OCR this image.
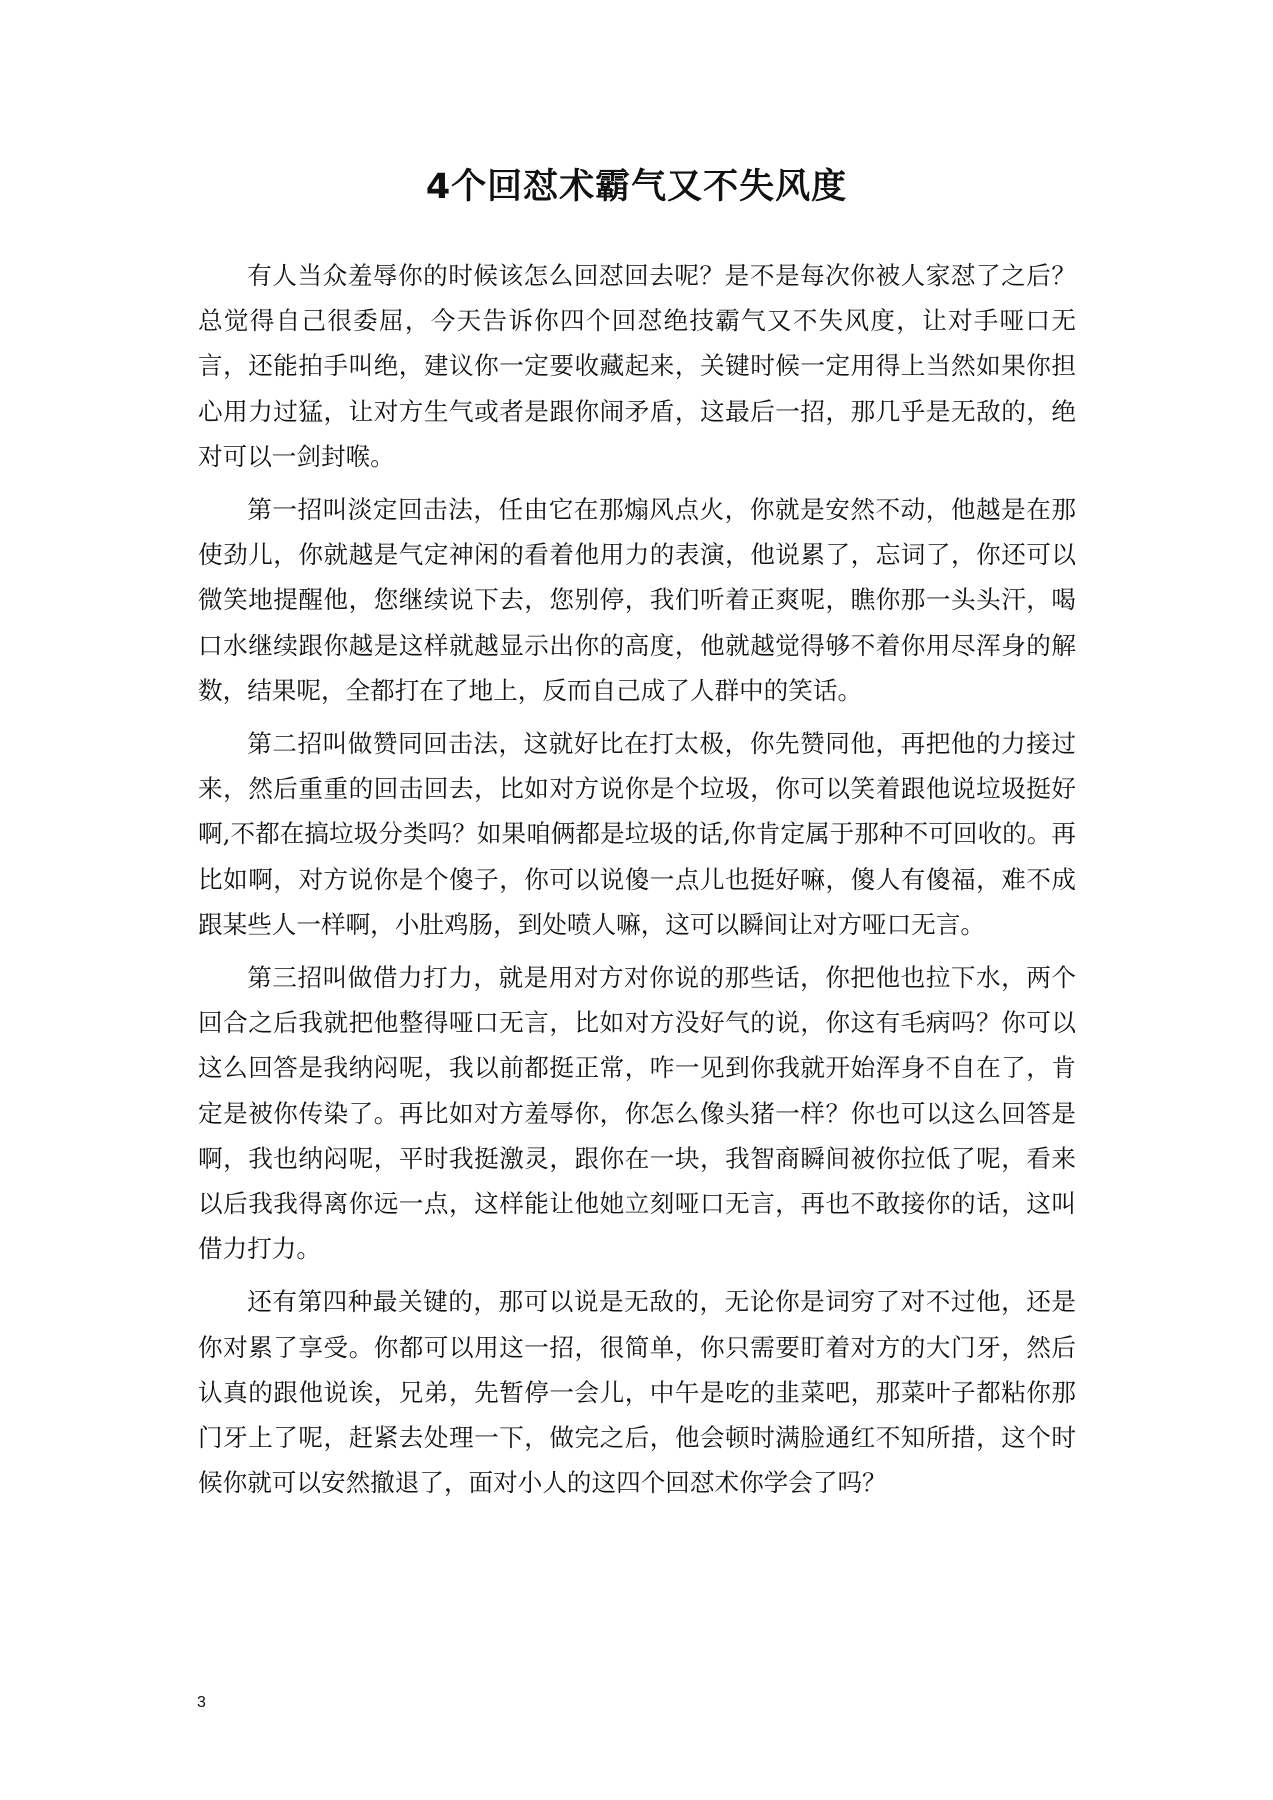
4个回怼术霸气又不失风度

有人当众羞辱你的时候该怎么回怼回去呢？是不是每次你被人家怼了之后？总觉得自己很委屈，今天告诉你四个回怼绝技霸气又不失风度，让对手哑口无言，还能拍手叫绝，建议你一定要收藏起来，关键时候一定用得上当然如果你担心用力过猛，让对方生气或者是跟你闹矛盾，这最后一招，那几乎是无敌的，绝对可以一剑封喉。

第一招叫淡定回击法，任由它在那煽风点火，你就是安然不动，他越是在那使劲儿，你就越是气定神闲的看着他用力的表演，他说累了，忘词了，你还可以微笑地提醒他，您继续说下去，您别停，我们听着正爽呢，瞧你那一头头汗，喝口水继续跟你越是这样就越显示出你的高度，他就越觉得够不着你用尽浑身的解数，结果呢，全都打在了地上，反而自己成了人群中的笑话。

第二招叫做赞同回击法，这就好比在打太极，你先赞同他，再把他的力接过来，然后重重的回击回去，比如对方说你是个垃圾，你可以笑着跟他说垃圾挺好啊,不都在搞垃圾分类吗？如果咱俩都是垃圾的话,你肯定属于那种不可回收的。再比如啊，对方说你是个傻子，你可以说傻一点儿也挺好嘛，傻人有傻福，难不成跟某些人一样啊，小肚鸡肠，到处喷人嘛，这可以瞬间让对方哑口无言。

第三招叫做借力打力，就是用对方对你说的那些话，你把他也拉下水，两个回合之后我就把他整得哑口无言，比如对方没好气的说，你这有毛病吗？你可以这么回答是我纳闷呢，我以前都挺正常，咋一见到你我就开始浑身不自在了，肯定是被你传染了。再比如对方羞辱你，你怎么像头猪一样？你也可以这么回答是啊，我也纳闷呢，平时我挺激灵，跟你在一块，我智商瞬间被你拉低了呢，看来以后我我得离你远一点，这样能让他她立刻哑口无言，再也不敢接你的话，这叫借力打力。

还有第四种最关键的，那可以说是无敌的，无论你是词穷了对不过他，还是你对累了享受。你都可以用这一招，很简单，你只需要盯着对方的大门牙，然后认真的跟他说诶，兄弟，先暂停一会儿，中午是吃的韭菜吧，那菜叶子都粘你那门牙上了呢，赶紧去处理一下，做完之后，他会顿时满脸通红不知所措，这个时候你就可以安然撤退了，面对小人的这四个回怼术你学会了吗？

3
